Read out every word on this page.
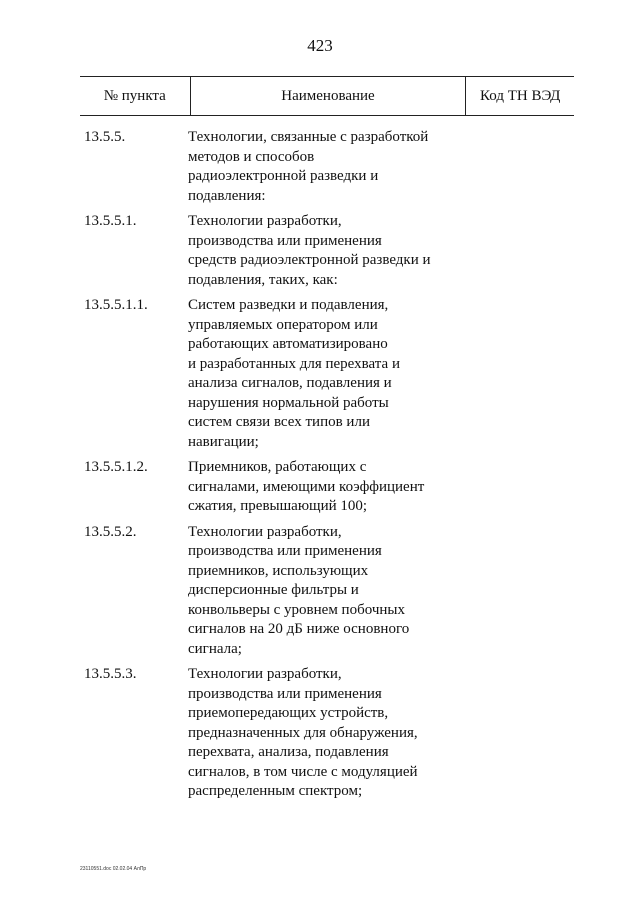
423
№ пункта	Наименование	Код ТН ВЭД
13.5.5.	Технологии, связанные с разработкой
методов и способов
радиоэлектронной разведки и
подавления:
13.5.5.1.	Технологии разработки,
производства или применения
средств радиоэлектронной разведки и
подавления, таких, как:
13.5.5.1.1.	Систем разведки и подавления,
управляемых оператором или
работающих автоматизировано
и разработанных для перехвата и
анализа сигналов, подавления и
нарушения нормальной работы
систем связи всех типов или
навигации;
13.5.5.1.2.	Приемников, работающих с
сигналами, имеющими коэффициент
сжатия, превышающий 100;
13.5.5.2.	Технологии разработки,
производства или применения
приемников, использующих
дисперсионные фильтры и
конвольверы с уровнем побочных
сигналов на 20 дБ ниже основного
сигнала;
13.5.5.3.	Технологии разработки,
производства или применения
приемопередающих устройств,
предназначенных для обнаружения,
перехвата, анализа, подавления
сигналов, в том числе с модуляцией
распределенным спектром;
23110551.doc 02.02.04 АлПр
